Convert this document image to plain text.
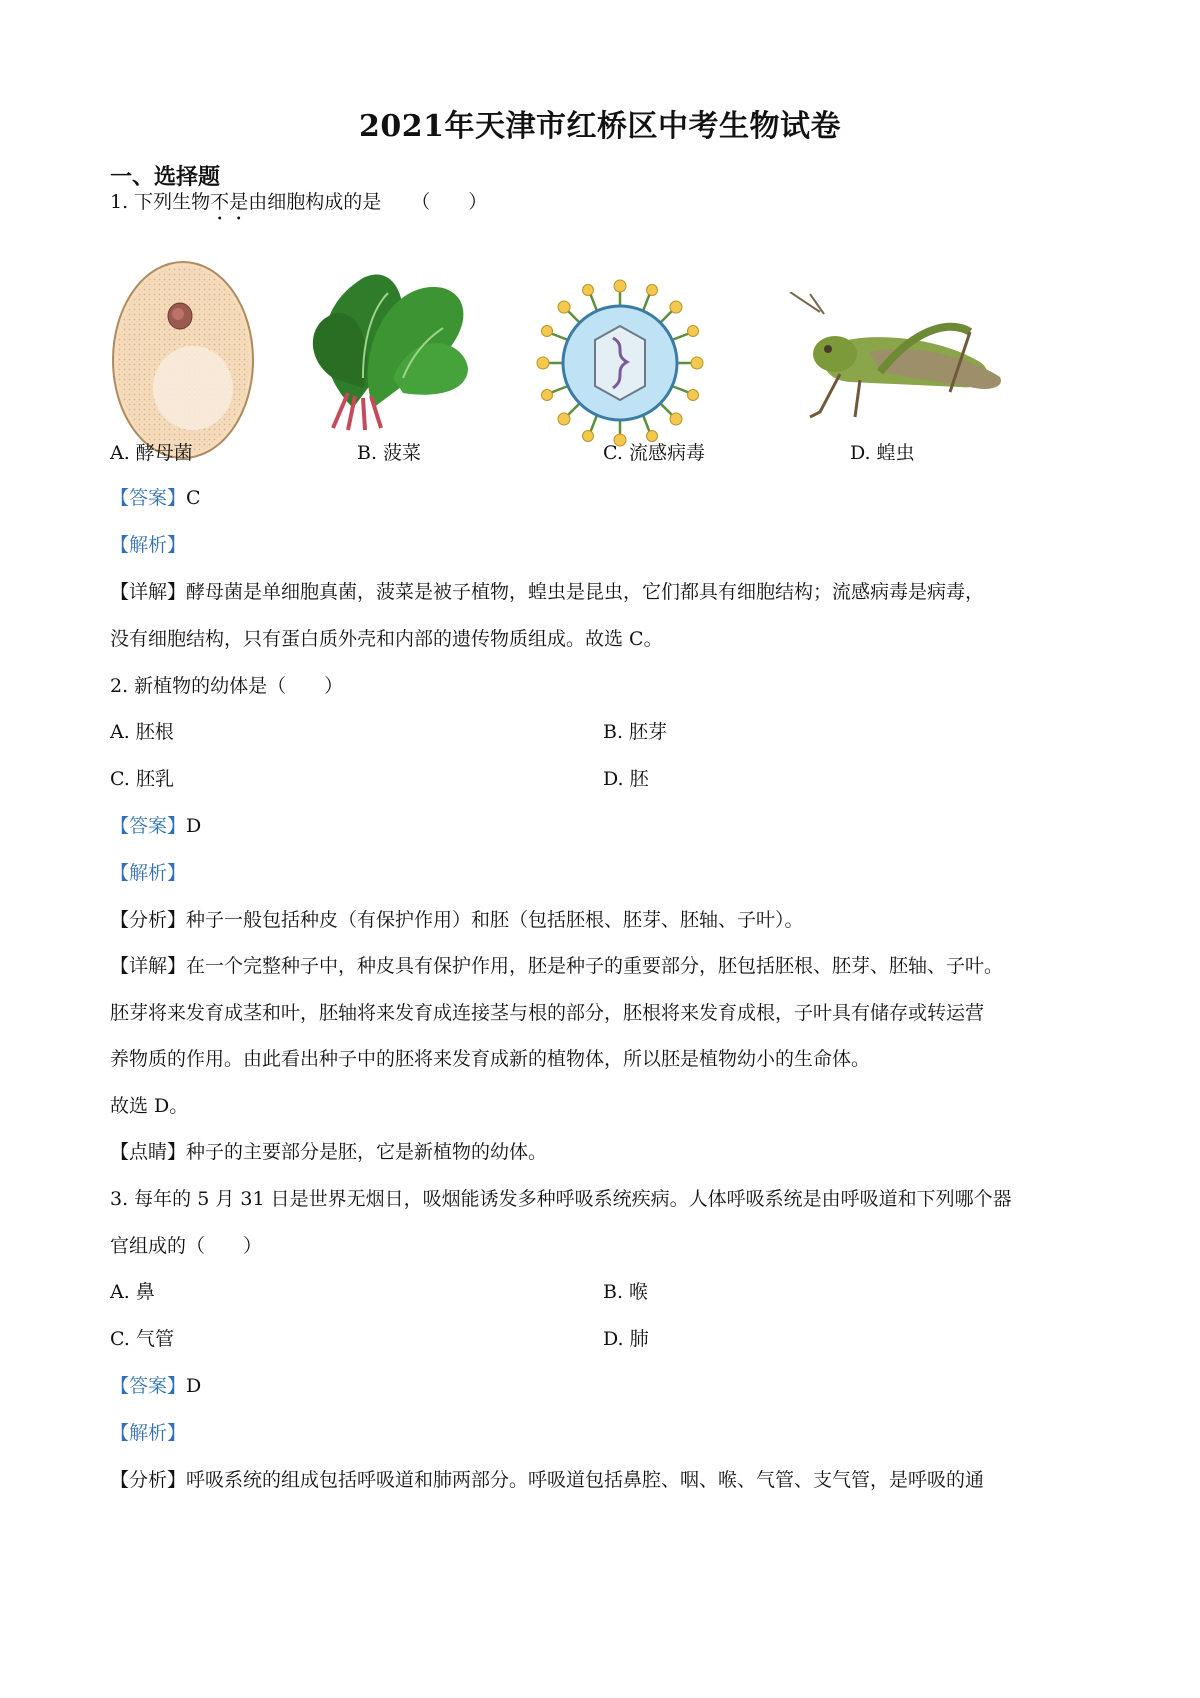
2021年天津市红桥区中考生物试卷
一、选择题
1. 下列生物不是由细胞构成的是 （　　）
A. 酵母菌	B. 菠菜	C. 流感病毒	D. 蝗虫
【答案】C
【解析】
【详解】酵母菌是单细胞真菌，菠菜是被子植物，蝗虫是昆虫，它们都具有细胞结构；流感病毒是病毒，
没有细胞结构，只有蛋白质外壳和内部的遗传物质组成。故选 C。
2. 新植物的幼体是（　　）
A. 胚根	B. 胚芽
C. 胚乳	D. 胚
【答案】D
【解析】
【分析】种子一般包括种皮（有保护作用）和胚（包括胚根、胚芽、胚轴、子叶）。
【详解】在一个完整种子中，种皮具有保护作用，胚是种子的重要部分，胚包括胚根、胚芽、胚轴、子叶。
胚芽将来发育成茎和叶，胚轴将来发育成连接茎与根的部分，胚根将来发育成根，子叶具有储存或转运营
养物质的作用。由此看出种子中的胚将来发育成新的植物体，所以胚是植物幼小的生命体。
故选 D。
【点睛】种子的主要部分是胚，它是新植物的幼体。
3. 每年的 5 月 31 日是世界无烟日，吸烟能诱发多种呼吸系统疾病。人体呼吸系统是由呼吸道和下列哪个器
官组成的（　　）
A. 鼻	B. 喉
C. 气管	D. 肺
【答案】D
【解析】
【分析】呼吸系统的组成包括呼吸道和肺两部分。呼吸道包括鼻腔、咽、喉、气管、支气管，是呼吸的通
